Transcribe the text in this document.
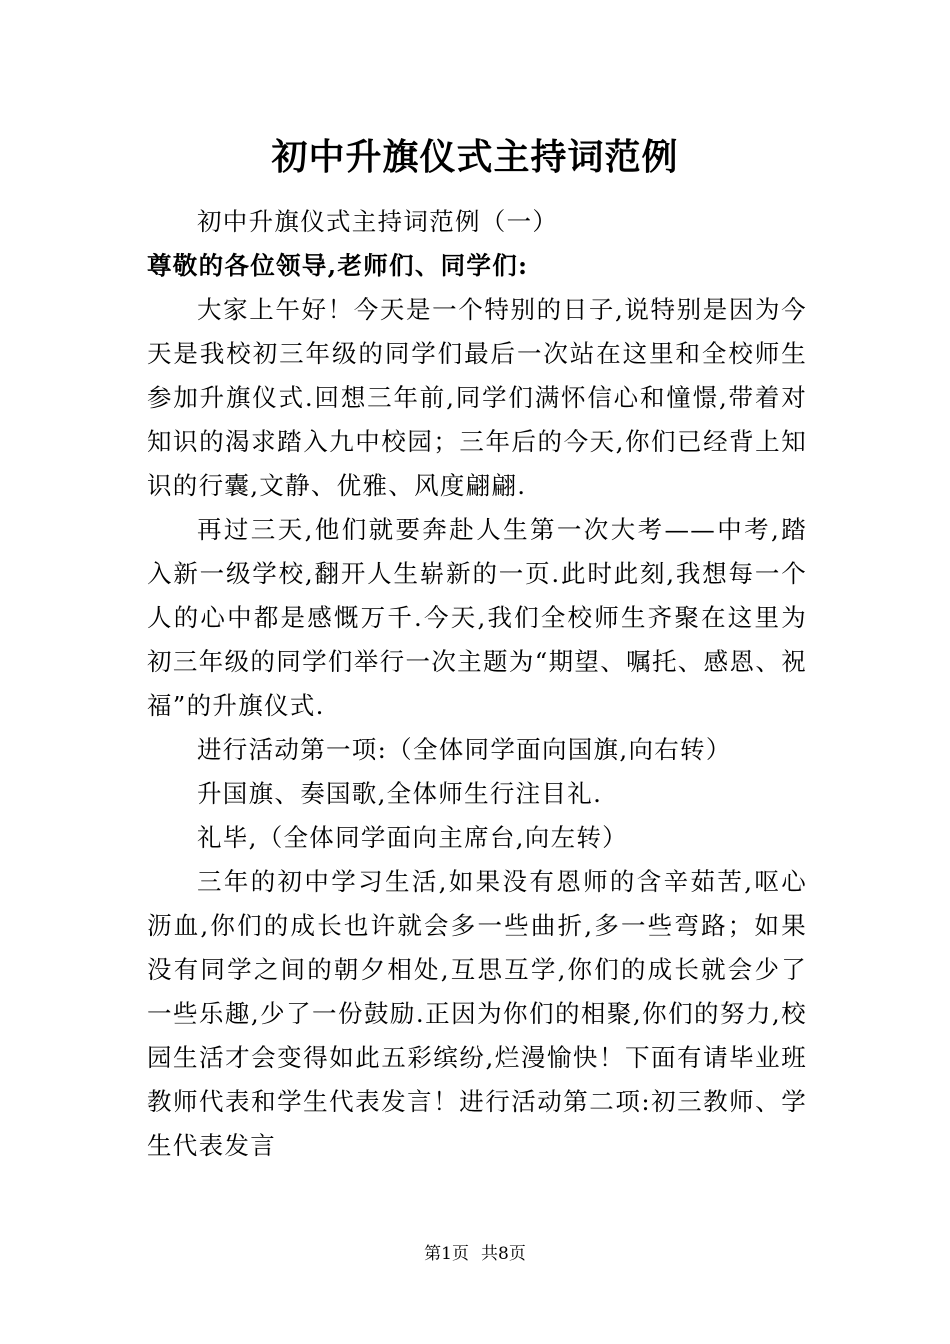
初中升旗仪式主持词范例

初中升旗仪式主持词范例（一）

尊敬的各位领导,老师们、同学们:

大家上午好！今天是一个特别的日子,说特别是因为今天是我校初三年级的同学们最后一次站在这里和全校师生参加升旗仪式.回想三年前,同学们满怀信心和憧憬,带着对知识的渴求踏入九中校园；三年后的今天,你们已经背上知识的行囊,文静、优雅、风度翩翩.

再过三天,他们就要奔赴人生第一次大考——中考,踏入新一级学校,翻开人生崭新的一页.此时此刻,我想每一个人的心中都是感慨万千.今天,我们全校师生齐聚在这里为初三年级的同学们举行一次主题为“期望、嘱托、感恩、祝福”的升旗仪式.

进行活动第一项:（全体同学面向国旗,向右转）

升国旗、奏国歌,全体师生行注目礼.

礼毕,（全体同学面向主席台,向左转）

三年的初中学习生活,如果没有恩师的含辛茹苦,呕心沥血,你们的成长也许就会多一些曲折,多一些弯路；如果没有同学之间的朝夕相处,互思互学,你们的成长就会少了一些乐趣,少了一份鼓励.正因为你们的相聚,你们的努力,校园生活才会变得如此五彩缤纷,烂漫愉快！下面有请毕业班教师代表和学生代表发言！进行活动第二项:初三教师、学生代表发言

第1页 共8页
